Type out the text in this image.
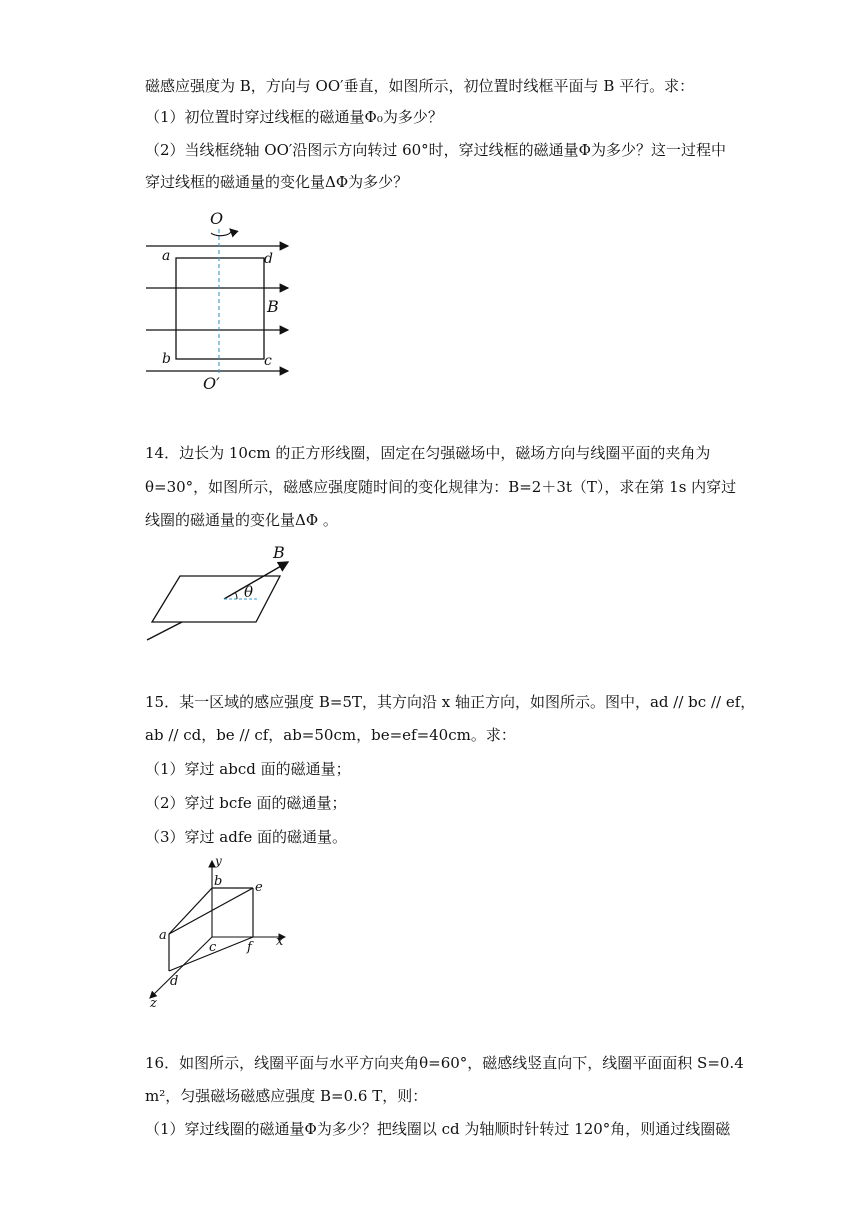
磁感应强度为 B，方向与 OO′垂直，如图所示，初位置时线框平面与 B 平行。求：
（1）初位置时穿过线框的磁通量Φ₀为多少？
（2）当线框绕轴 OO′沿图示方向转过 60°时，穿过线框的磁通量Φ为多少？这一过程中
穿过线框的磁通量的变化量ΔΦ为多少？
O
O′
a	d
b	c
B
14．边长为 10cm 的正方形线圈，固定在匀强磁场中，磁场方向与线圈平面的夹角为
θ=30°，如图所示，磁感应强度随时间的变化规律为：B=2＋3t（T），求在第 1s 内穿过
线圈的磁通量的变化量ΔΦ 。
B
θ
15．某一区域的感应强度 B=5T，其方向沿 x 轴正方向，如图所示。图中，ad // bc // ef，
ab // cd，be // cf，ab=50cm，be=ef=40cm。求：
（1）穿过 abcd 面的磁通量；
（2）穿过 bcfe 面的磁通量；
（3）穿过 adfe 面的磁通量。
y
x
z
b	e
a
c f
d
16．如图所示，线圈平面与水平方向夹角θ=60°，磁感线竖直向下，线圈平面面积 S=0.4
m²，匀强磁场磁感应强度 B=0.6 T，则：
（1）穿过线圈的磁通量Φ为多少？把线圈以 cd 为轴顺时针转过 120°角，则通过线圈磁
